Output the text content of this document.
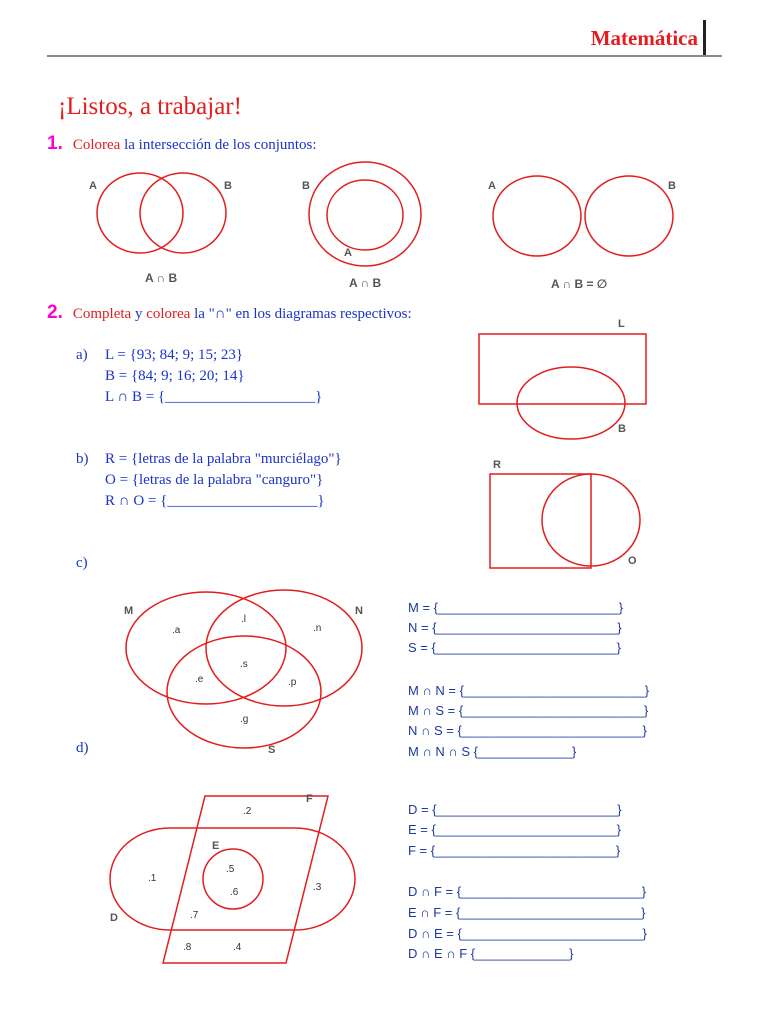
Matemática
¡Listos, a trabajar!
1. Colorea la intersección de los conjuntos:
A	B
A ∩ B
B
A
A ∩ B
A	B
A ∩ B = ∅
2. Completa y colorea la "∩" en los diagramas respectivos:
a) L = {93; 84; 9; 15; 23}
B = {84; 9; 16; 20; 14}
L ∩ B = {____________________}
L
B
b) R = {letras de la palabra "murciélago"}
O = {letras de la palabra "canguro"}
R ∩ O = {____________________}
R
O
c)
M	N
S
.a
.l
.n
.s
.e	.p
.g
M = {_________________________}
N = {_________________________}
S = {_________________________}
M ∩ N = {_________________________}
M ∩ S = {_________________________}
N ∩ S = {_________________________}
M ∩ N ∩ S {_____________}
d)
F
E
D
.2
.5
.6
.1
.3
.7
.8	.4
D = {_________________________}
E = {_________________________}
F = {_________________________}
D ∩ F = {_________________________}
E ∩ F = {_________________________}
D ∩ E = {_________________________}
D ∩ E ∩ F {_____________}
